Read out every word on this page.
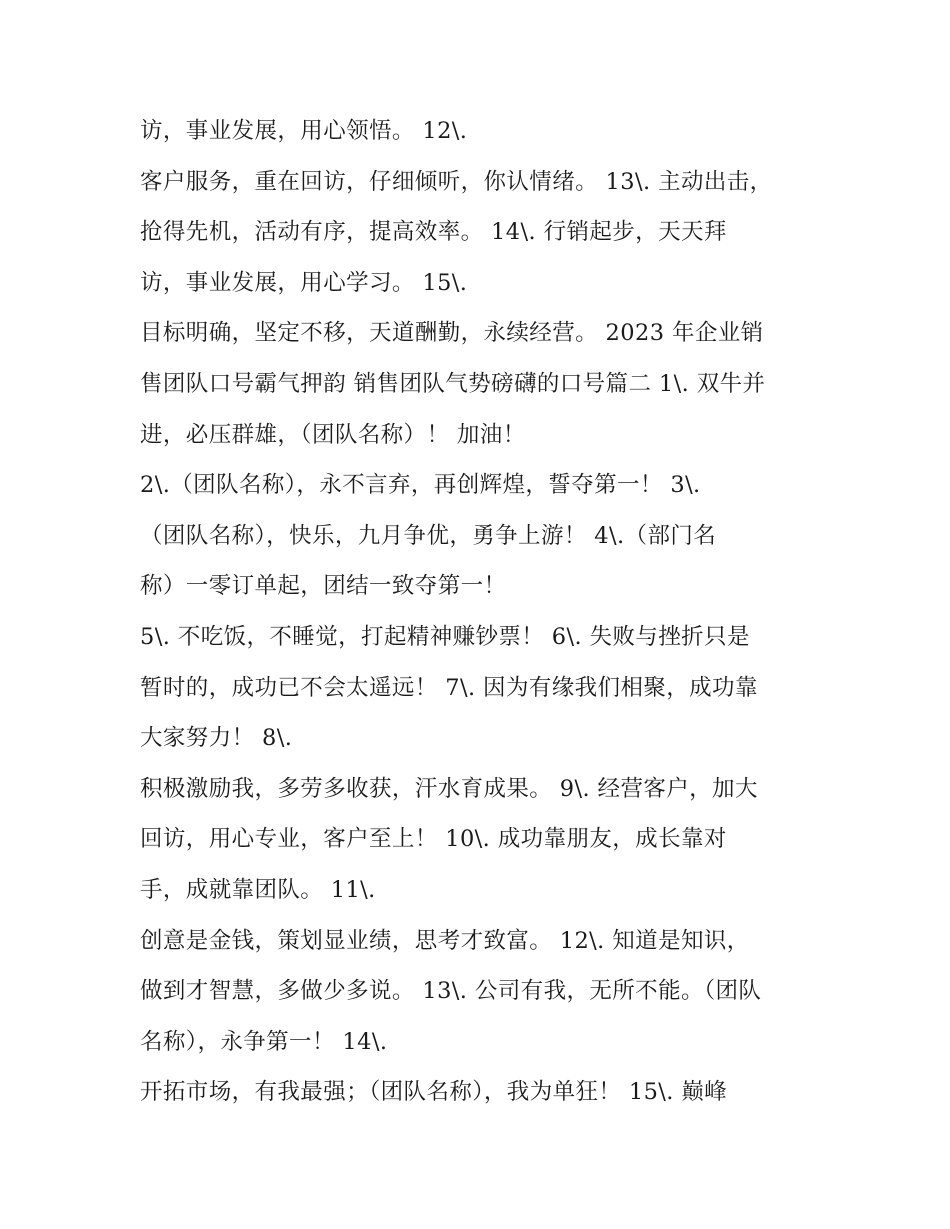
访，事业发展，用心领悟。 12\.
客户服务，重在回访，仔细倾听，你认情绪。 13\. 主动出击，
抢得先机，活动有序，提高效率。 14\. 行销起步，天天拜
访，事业发展，用心学习。 15\.
目标明确，坚定不移，天道酬勤，永续经营。 2023 年企业销
售团队口号霸气押韵 销售团队气势磅礴的口号篇二 1\. 双牛并
进，必压群雄，（团队名称）！ 加油！
2\.（团队名称），永不言弃，再创辉煌，誓夺第一！ 3\.
（团队名称），快乐，九月争优，勇争上游！ 4\.（部门名
称）一零订单起，团结一致夺第一！
5\. 不吃饭，不睡觉，打起精神赚钞票！ 6\. 失败与挫折只是
暂时的，成功已不会太遥远！ 7\. 因为有缘我们相聚，成功靠
大家努力！ 8\.
积极激励我，多劳多收获，汗水育成果。 9\. 经营客户，加大
回访，用心专业，客户至上！ 10\. 成功靠朋友，成长靠对
手，成就靠团队。 11\.
创意是金钱，策划显业绩，思考才致富。 12\. 知道是知识，
做到才智慧，多做少多说。 13\. 公司有我，无所不能。（团队
名称），永争第一！ 14\.
开拓市场，有我最强；（团队名称），我为单狂！ 15\. 巅峰
